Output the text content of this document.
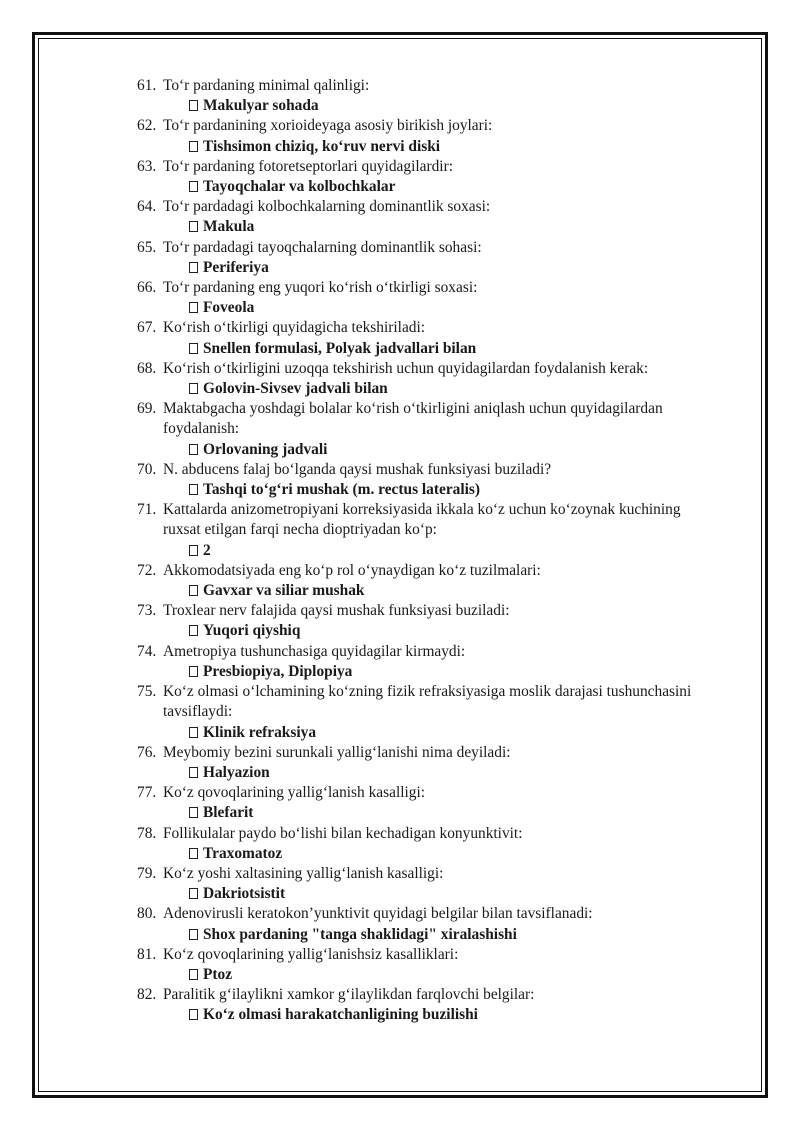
61. To‘r pardaning minimal qalinligi:
Makulyar sohada
62. To‘r pardanining xorioideyaga asosiy birikish joylari:
Tishsimon chiziq, ko‘ruv nervi diski
63. To‘r pardaning fotoretseptorlari quyidagilardir:
Tayoqchalar va kolbochkalar
64. To‘r pardadagi kolbochkalarning dominantlik soxasi:
Makula
65. To‘r pardadagi tayoqchalarning dominantlik sohasi:
Periferiya
66. To‘r pardaning eng yuqori ko‘rish o‘tkirligi soxasi:
Foveola
67. Ko‘rish o‘tkirligi quyidagicha tekshiriladi:
Snellen formulasi, Polyak jadvallari bilan
68. Ko‘rish o‘tkirligini uzoqqa tekshirish uchun quyidagilardan foydalanish kerak:
Golovin-Sivsev jadvali bilan
69. Maktabgacha yoshdagi bolalar ko‘rish o‘tkirligini aniqlash uchun quyidagilardan foydalanish:
Orlovaning jadvali
70. N. abducens falaj bo‘lganda qaysi mushak funksiyasi buziladi?
Tashqi to‘g‘ri mushak (m. rectus lateralis)
71. Kattalarda anizometropiyani korreksiyasida ikkala ko‘z uchun ko‘zoynak kuchining ruxsat etilgan farqi necha dioptriyadan ko‘p:
2
72. Akkomodatsiyada eng ko‘p rol o‘ynaydigan ko‘z tuzilmalari:
Gavxar va siliar mushak
73. Troxlear nerv falajida qaysi mushak funksiyasi buziladi:
Yuqori qiyshiq
74. Ametropiya tushunchasiga quyidagilar kirmaydi:
Presbiopiya, Diplopiya
75. Ko‘z olmasi o‘lchamining ko‘zning fizik refraksiyasiga moslik darajasi tushunchasini tavsiflaydi:
Klinik refraksiya
76. Meybomiy bezini surunkali yallig‘lanishi nima deyiladi:
Halyazion
77. Ko‘z qovoqlarining yallig‘lanish kasalligi:
Blefarit
78. Follikulalar paydo bo‘lishi bilan kechadigan konyunktivit:
Traxomatoz
79. Ko‘z yoshi xaltasining yallig‘lanish kasalligi:
Dakriotsistit
80. Adenovirusli keratokon’yunktivit quyidagi belgilar bilan tavsiflanadi:
Shox pardaning "tanga shaklidagi" xiralashishi
81. Ko‘z qovoqlarining yallig‘lanishsiz kasalliklari:
Ptoz
82. Paralitik g‘ilaylikni xamkor g‘ilaylikdan farqlovchi belgilar:
Ko‘z olmasi harakatchanligining buzilishi
